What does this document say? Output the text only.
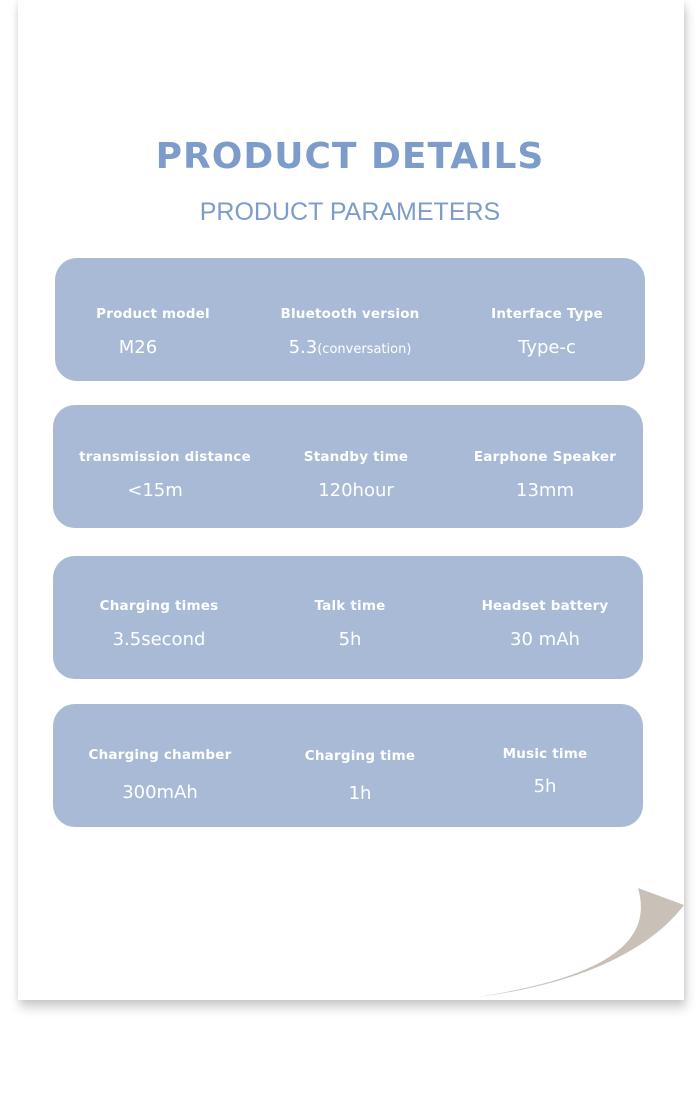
PRODUCT DETAILS
PRODUCT PARAMETERS
Product model
M26
Bluetooth version
5.3(conversation)
Interface Type
Type-c
transmission distance
<15m
Standby time
120hour
Earphone Speaker
13mm
Charging times
3.5second
Talk time
5h
Headset battery
30 mAh
Charging chamber
300mAh
Charging time
1h
Music time
5h
